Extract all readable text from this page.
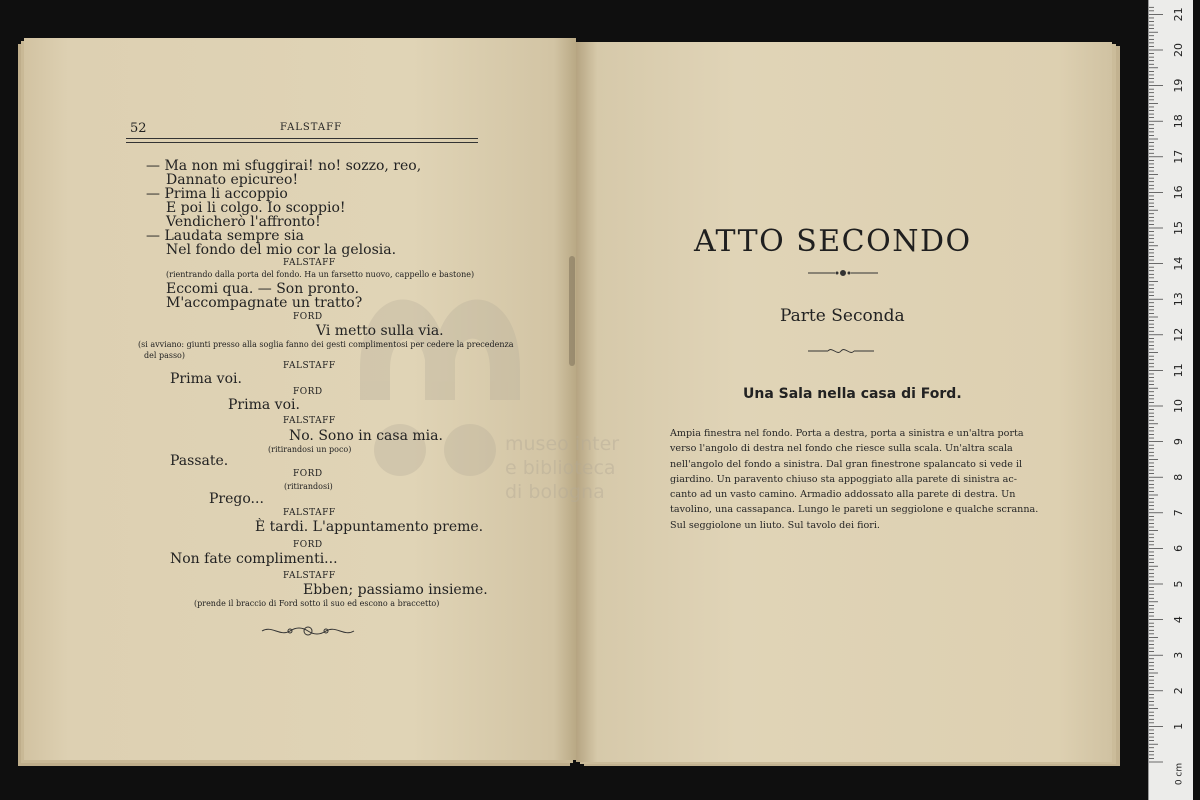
museo inter
e biblioteca
di bologna
52	FALSTAFF
— Ma non mi sfuggirai! no! sozzo, reo,
Dannato epicureo!
— Prima li accoppio
E poi li colgo. Io scoppio!
Vendicherò l'affronto!
— Laudata sempre sia
Nel fondo del mio cor la gelosia.
FALSTAFF
(rientrando dalla porta del fondo. Ha un farsetto nuovo, cappello e bastone)
Eccomi qua. — Son pronto.
M'accompagnate un tratto?
FORD
Vi metto sulla via.
(si avviano: giunti presso alla soglia fanno dei gesti complimentosi per cedere la precedenza
del passo)
FALSTAFF
Prima voi.
FORD
Prima voi.
FALSTAFF
No. Sono in casa mia.
(ritirandosi un poco)
Passate.
FORD
(ritirandosi)
Prego...
FALSTAFF
È tardi. L'appuntamento preme.
FORD
Non fate complimenti...
FALSTAFF
Ebben; passiamo insieme.
(prende il braccio di Ford sotto il suo ed escono a braccetto)
ATTO SECONDO
Parte Seconda
Una Sala nella casa di Ford.
Ampia finestra nel fondo. Porta a destra, porta a sinistra e un'altra porta
verso l'angolo di destra nel fondo che riesce sulla scala. Un'altra scala
nell'angolo del fondo a sinistra. Dal gran finestrone spalancato si vede il
giardino. Un paravento chiuso sta appoggiato alla parete di sinistra ac-
canto ad un vasto camino. Armadio addossato alla parete di destra. Un
tavolino, una cassapanca. Lungo le pareti un seggiolone e qualche scranna.
Sul seggiolone un liuto. Sul tavolo dei fiori.
1
2
3
4
5
6
7
8
9
10
11
12
13
14
15
16
17
18
19
20
21
0 cm
